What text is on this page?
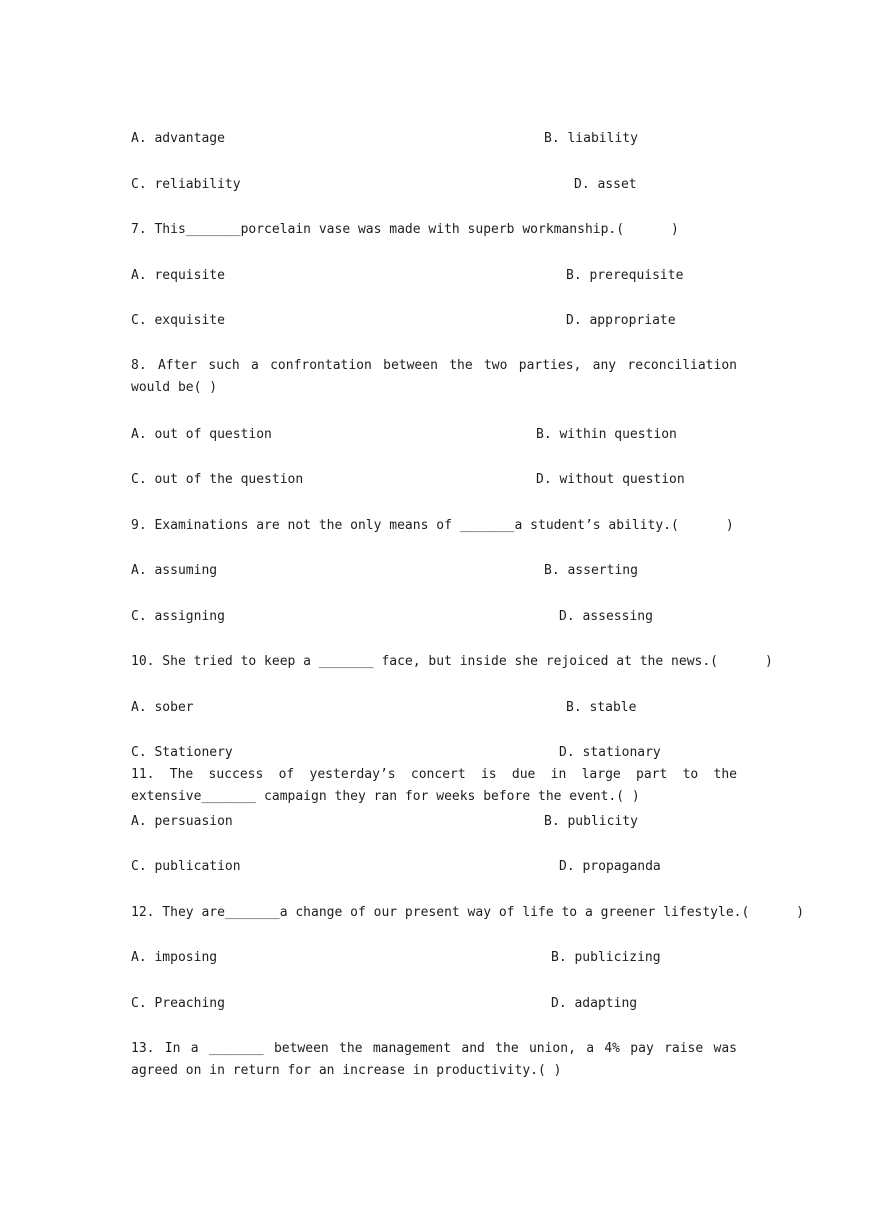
A. advantage	B. liability
C. reliability	D. asset
7. This_______porcelain vase was made with superb workmanship.(      )
A. requisite	B. prerequisite
C. exquisite	D. appropriate
8. After such a confrontation between the two parties, any reconciliation would be( )
A. out of question	B. within question
C. out of the question	D. without question
9. Examinations are not the only means of _______a student’s ability.(      )
A. assuming	B. asserting
C. assigning	D. assessing
10. She tried to keep a _______ face, but inside she rejoiced at the news.(      )
A. sober	B. stable
C. Stationery	D. stationary
11. The success of yesterday’s concert is due in large part to the extensive_______ campaign they ran for weeks before the event.( )
A. persuasion	B. publicity
C. publication	D. propaganda
12. They are_______a change of our present way of life to a greener lifestyle.(      )
A. imposing	B. publicizing
C. Preaching	D. adapting
13. In a _______ between the management and the union, a 4% pay raise was agreed on in return for an increase in productivity.( )
